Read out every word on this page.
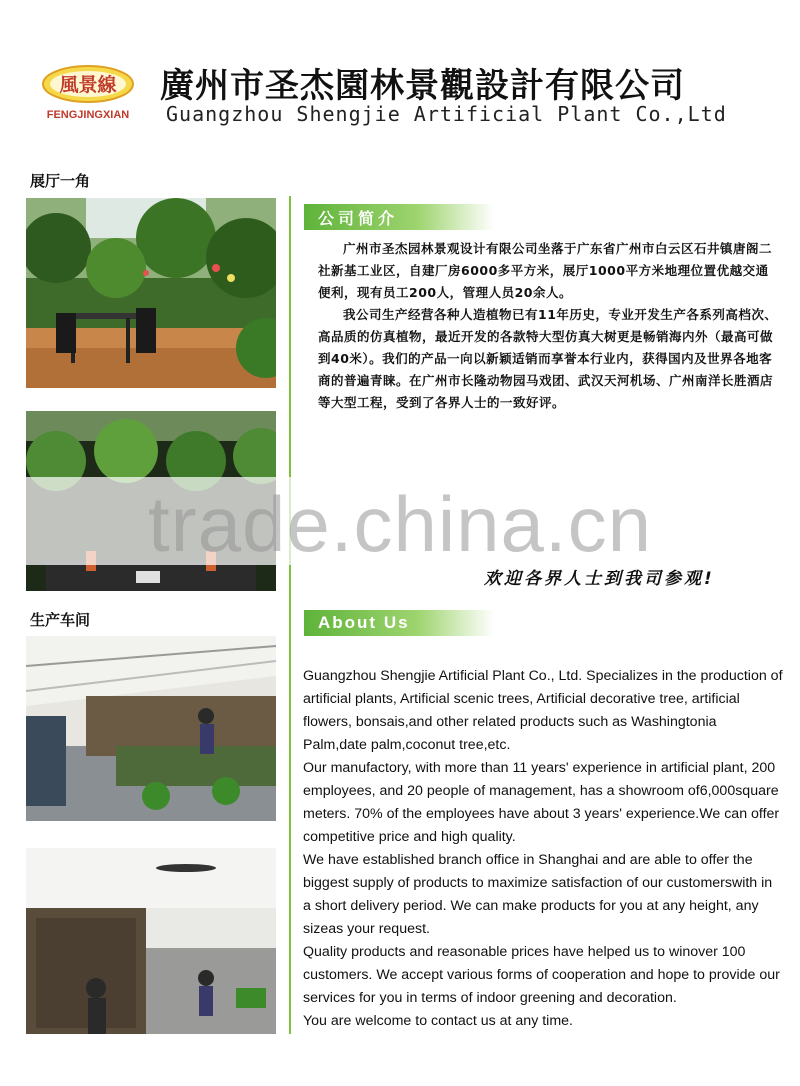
風景線
FENGJINGXIAN
廣州市圣杰園林景觀設計有限公司
Guangzhou Shengjie Artificial Plant Co.,Ltd
展厅一角
生产车间
公司简介

广州市圣杰园林景观设计有限公司坐落于广东省广州市白云区石井镇唐阁二社新基工业区，自建厂房6000多平方米，展厅1000平方米地理位置优越交通便利，现有员工200人，管理人员20余人。

我公司生产经营各种人造植物已有11年历史，专业开发生产各系列高档次、高品质的仿真植物，最近开发的各款特大型仿真大树更是畅销海内外（最高可做到40米）。我们的产品一向以新颖适销而享誉本行业内，获得国内及世界各地客商的普遍青睐。在广州市长隆动物园马戏团、武汉天河机场、广州南洋长胜酒店等大型工程，受到了各界人士的一致好评。

欢迎各界人士到我司参观!
About Us

Guangzhou Shengjie Artificial Plant Co., Ltd. Specializes in the production of artificial plants, Artificial scenic trees, Artificial decorative tree, artificial flowers, bonsais,and other related products such as Washingtonia Palm,date palm,coconut tree,etc.

Our manufactory, with more than 11 years' experience in artificial plant, 200 employees, and 20 people of management, has a showroom of6,000square meters. 70% of the employees have about 3 years' experience.We can offer competitive price and high quality.

We have established branch office in Shanghai and are able to offer the biggest supply of products to maximize satisfaction of our customerswith in a short delivery period. We can make products for you at any height, any sizeas your request.

Quality products and reasonable prices have helped us to winover 100 customers. We accept various forms of cooperation and hope to provide our services for you in terms of indoor greening and decoration.

You are welcome to contact us at any time.

trade.china.cn
